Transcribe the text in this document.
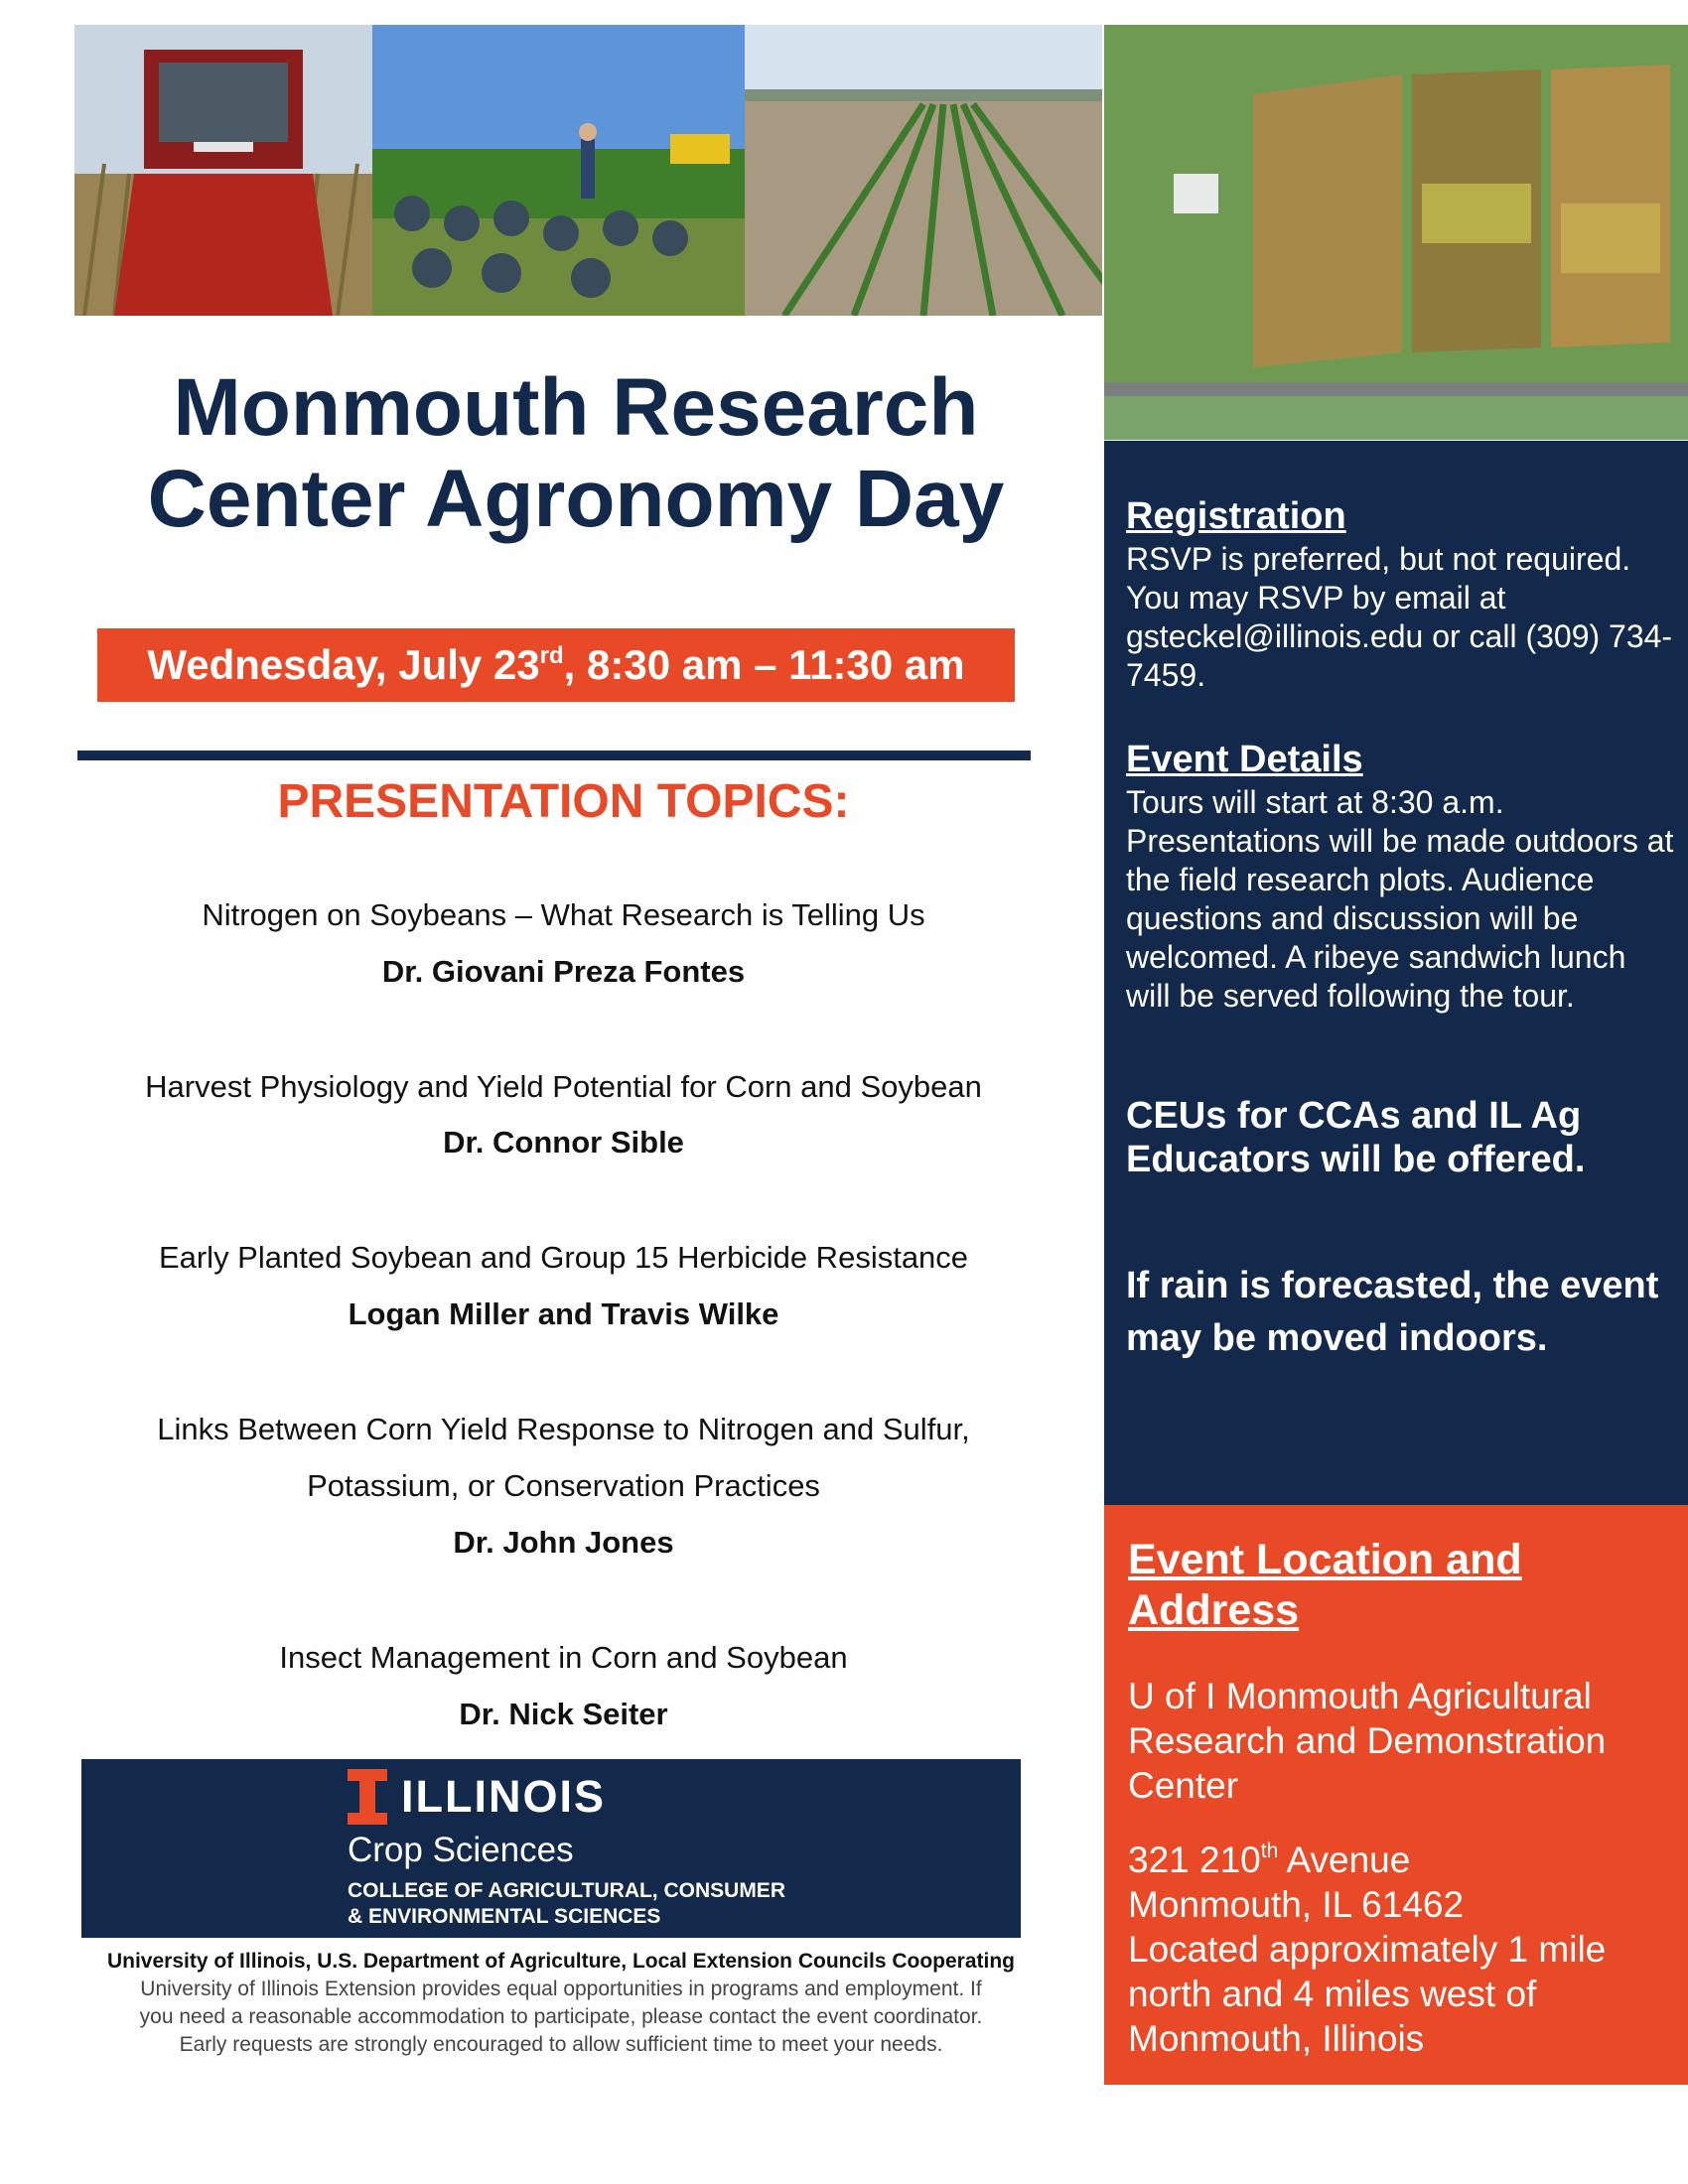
Monmouth Research
Center Agronomy Day
Wednesday, July 23rd, 8:30 am – 11:30 am
PRESENTATION TOPICS:
Nitrogen on Soybeans – What Research is Telling Us
Dr. Giovani Preza Fontes
Harvest Physiology and Yield Potential for Corn and Soybean
Dr. Connor Sible
Early Planted Soybean and Group 15 Herbicide Resistance
Logan Miller and Travis Wilke
Links Between Corn Yield Response to Nitrogen and Sulfur,
Potassium, or Conservation Practices
Dr. John Jones
Insect Management in Corn and Soybean
Dr. Nick Seiter
ILLINOIS
Crop Sciences
COLLEGE OF AGRICULTURAL, CONSUMER
& ENVIRONMENTAL SCIENCES
University of Illinois, U.S. Department of Agriculture, Local Extension Councils Cooperating
University of Illinois Extension provides equal opportunities in programs and employment. If
you need a reasonable accommodation to participate, please contact the event coordinator.
Early requests are strongly encouraged to allow sufficient time to meet your needs.
Registration
RSVP is preferred, but not required. You may RSVP by email at gsteckel@illinois.edu or call (309) 734-7459.
Event Details
Tours will start at 8:30 a.m. Presentations will be made outdoors at the field research plots. Audience questions and discussion will be welcomed. A ribeye sandwich lunch will be served following the tour.
CEUs for CCAs and IL Ag Educators will be offered.
If rain is forecasted, the event may be moved indoors.
Event Location and Address
U of I Monmouth Agricultural Research and Demonstration Center
321 210th Avenue
Monmouth, IL 61462
Located approximately 1 mile north and 4 miles west of Monmouth, Illinois
